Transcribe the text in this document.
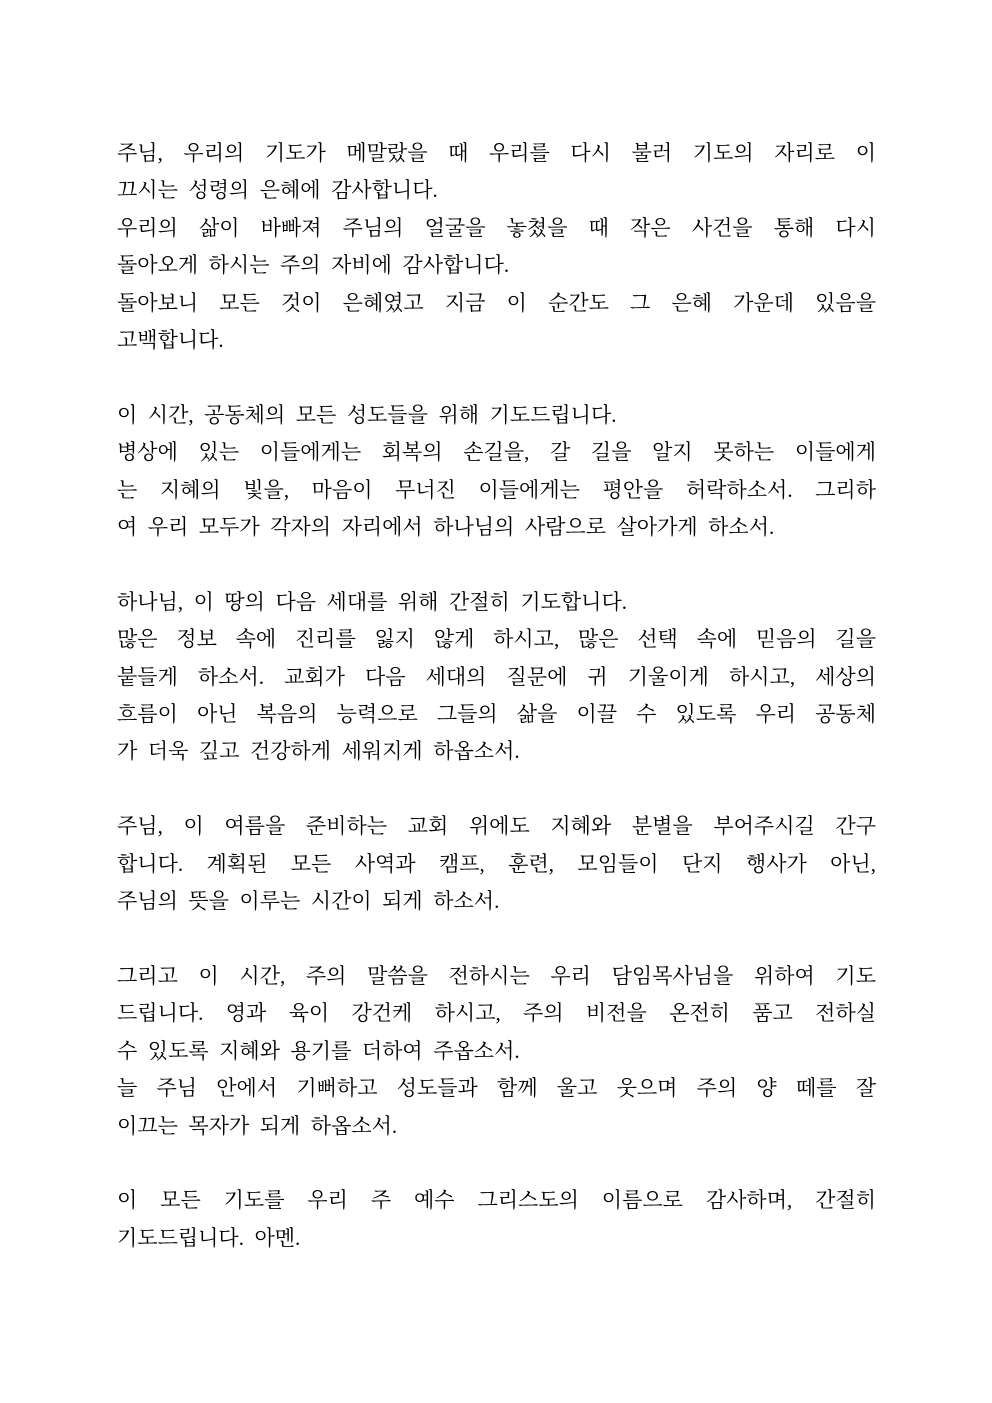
주님, 우리의 기도가 메말랐을 때 우리를 다시 불러 기도의 자리로 이
끄시는 성령의 은혜에 감사합니다.
우리의 삶이 바빠져 주님의 얼굴을 놓쳤을 때 작은 사건을 통해 다시
돌아오게 하시는 주의 자비에 감사합니다.
돌아보니 모든 것이 은혜였고 지금 이 순간도 그 은혜 가운데 있음을
고백합니다.
이 시간, 공동체의 모든 성도들을 위해 기도드립니다.
병상에 있는 이들에게는 회복의 손길을, 갈 길을 알지 못하는 이들에게
는 지혜의 빛을, 마음이 무너진 이들에게는 평안을 허락하소서. 그리하
여 우리 모두가 각자의 자리에서 하나님의 사람으로 살아가게 하소서.
하나님, 이 땅의 다음 세대를 위해 간절히 기도합니다.
많은 정보 속에 진리를 잃지 않게 하시고, 많은 선택 속에 믿음의 길을
붙들게 하소서. 교회가 다음 세대의 질문에 귀 기울이게 하시고, 세상의
흐름이 아닌 복음의 능력으로 그들의 삶을 이끌 수 있도록 우리 공동체
가 더욱 깊고 건강하게 세워지게 하옵소서.
주님, 이 여름을 준비하는 교회 위에도 지혜와 분별을 부어주시길 간구
합니다. 계획된 모든 사역과 캠프, 훈련, 모임들이 단지 행사가 아닌,
주님의 뜻을 이루는 시간이 되게 하소서.
그리고 이 시간, 주의 말씀을 전하시는 우리 담임목사님을 위하여 기도
드립니다. 영과 육이 강건케 하시고, 주의 비전을 온전히 품고 전하실
수 있도록 지혜와 용기를 더하여 주옵소서.
늘 주님 안에서 기뻐하고 성도들과 함께 울고 웃으며 주의 양 떼를 잘
이끄는 목자가 되게 하옵소서.
이 모든 기도를 우리 주 예수 그리스도의 이름으로 감사하며, 간절히
기도드립니다. 아멘.
